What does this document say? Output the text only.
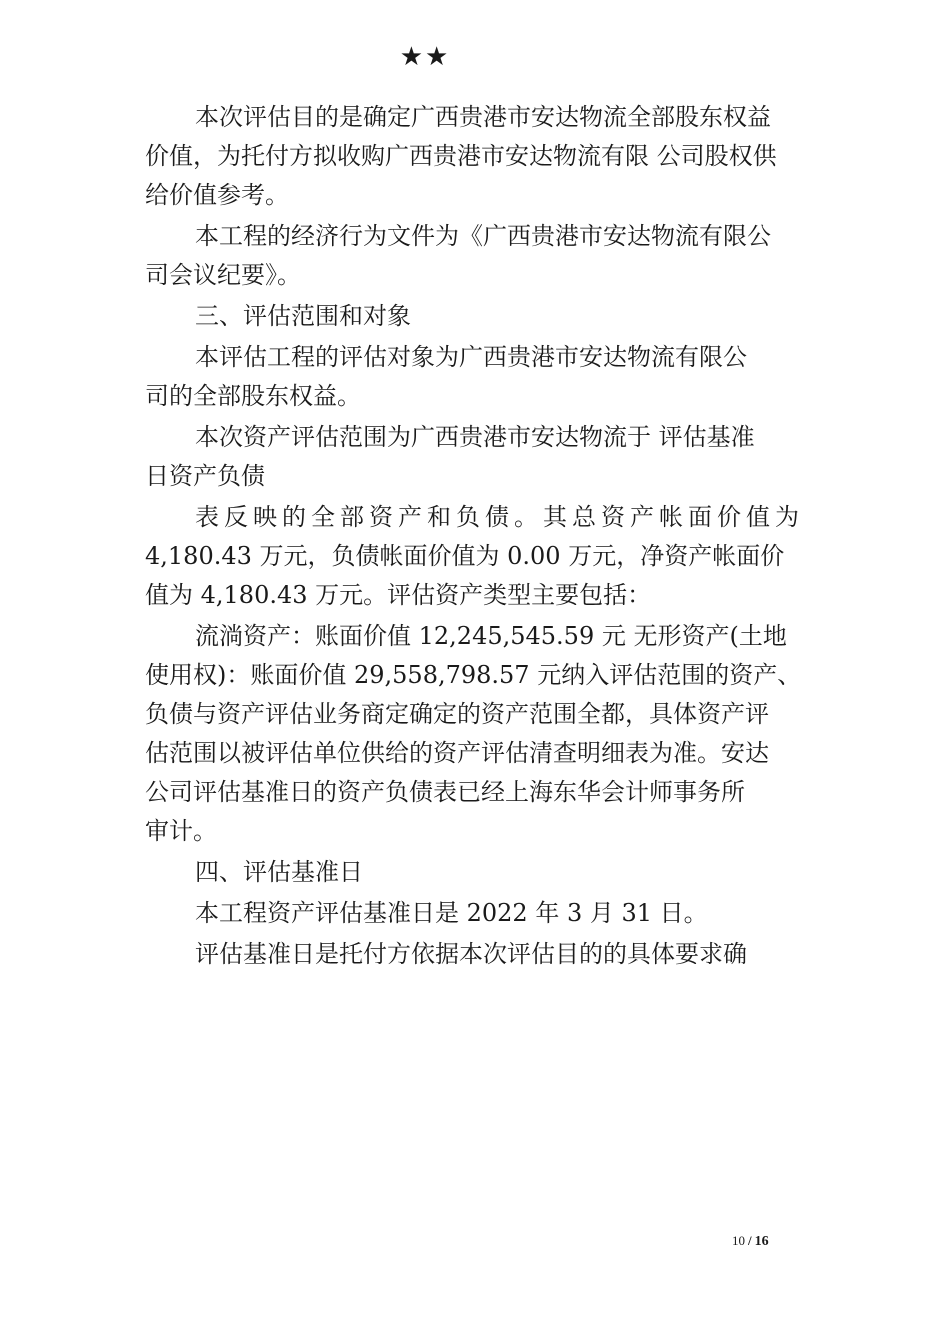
★★
本次评估目的是确定广西贵港市安达物流全部股东权益
价值，为托付方拟收购广西贵港市安达物流有限 公司股权供
给价值参考。
本工程的经济行为文件为《广西贵港市安达物流有限公
司会议纪要》。
三、评估范围和对象
本评估工程的评估对象为广西贵港市安达物流有限公
司的全部股东权益。
本次资产评估范围为广西贵港市安达物流于 评估基准
日资产负债
表反映的全部资产和负债。其总资产帐面价值为
4,180.43 万元，负债帐面价值为 0.00 万元，净资产帐面价
值为 4,180.43 万元。评估资产类型主要包括：
流淌资产：账面价值 12,245,545.59 元 无形资产(土地
使用权)：账面价值 29,558,798.57 元纳入评估范围的资产、
负债与资产评估业务商定确定的资产范围全都，具体资产评
估范围以被评估单位供给的资产评估清查明细表为准。安达
公司评估基准日的资产负债表已经上海东华会计师事务所
审计。
四、评估基准日
本工程资产评估基准日是 2022 年 3 月 31 日。
评估基准日是托付方依据本次评估目的的具体要求确
10 / 16
